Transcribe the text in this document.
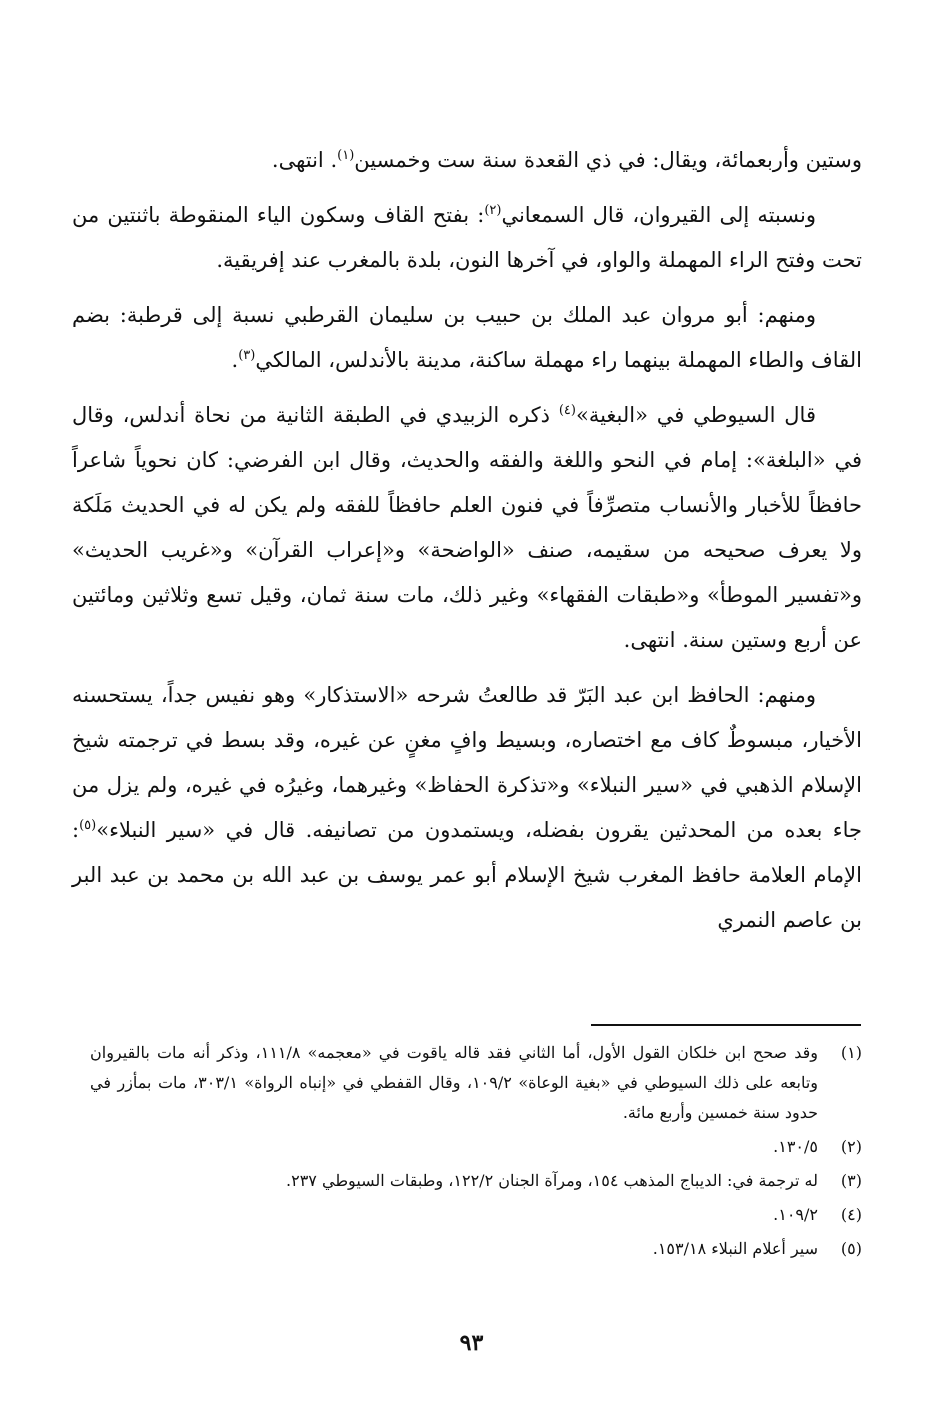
وستين وأربعمائة، ويقال: في ذي القعدة سنة ست وخمسين$^{(١)}$. انتهى.

ونسبته إلى القيروان، قال السمعاني$^{(٢)}$: بفتح القاف وسكون الياء المنقوطة باثنتين من تحت وفتح الراء المهملة والواو، في آخرها النون، بلدة بالمغرب عند إفريقية.

ومنهم: أبو مروان عبد الملك بن حبيب بن سليمان القرطبي نسبة إلى قرطبة: بضم القاف والطاء المهملة بينهما راء مهملة ساكنة، مدينة بالأندلس، المالكي$^{(٣)}$.

قال السيوطي في «البغية»$^{(٤)}$ ذكره الزبيدي في الطبقة الثانية من نحاة أندلس، وقال في «البلغة»: إمام في النحو واللغة والفقه والحديث، وقال ابن الفرضي: كان نحوياً شاعراً حافظاً للأخبار والأنساب متصرِّفاً في فنون العلم حافظاً للفقه ولم يكن له في الحديث مَلَكة ولا يعرف صحيحه من سقيمه، صنف «الواضحة» و«إعراب القرآن» و«غريب الحديث» و«تفسير الموطأ» و«طبقات الفقهاء» وغير ذلك، مات سنة ثمان، وقيل تسع وثلاثين ومائتين عن أربع وستين سنة. انتهى.

ومنهم: الحافظ ابن عبد البَرّ قد طالعتُ شرحه «الاستذكار» وهو نفيس جداً، يستحسنه الأخيار، مبسوطٌ كاف مع اختصاره، وبسيط وافٍ مغنٍ عن غيره، وقد بسط في ترجمته شيخ الإسلام الذهبي في «سير النبلاء» و«تذكرة الحفاظ» وغيرهما، وغيرُه في غيره، ولم يزل من جاء بعده من المحدثين يقرون بفضله، ويستمدون من تصانيفه. قال في «سير النبلاء»$^{(٥)}$: الإمام العلامة حافظ المغرب شيخ الإسلام أبو عمر يوسف بن عبد الله بن محمد بن عبد البر بن عاصم النمري

(١)
وقد صحح ابن خلكان القول الأول، أما الثاني فقد قاله ياقوت في «معجمه» ١١١/٨، وذكر أنه مات بالقيروان وتابعه على ذلك السيوطي في «بغية الوعاة» ١٠٩/٢، وقال القفطي في «إنباه الرواة» ٣٠٣/١، مات بمأزر في حدود سنة خمسين وأربع مائة.
(٢)
١٣٠/٥.
(٣)
له ترجمة في: الديباج المذهب ١٥٤، ومرآة الجنان ١٢٢/٢، وطبقات السيوطي ٢٣٧.
(٤)
١٠٩/٢.
(٥)
سير أعلام النبلاء ١٥٣/١٨.
٩٣
